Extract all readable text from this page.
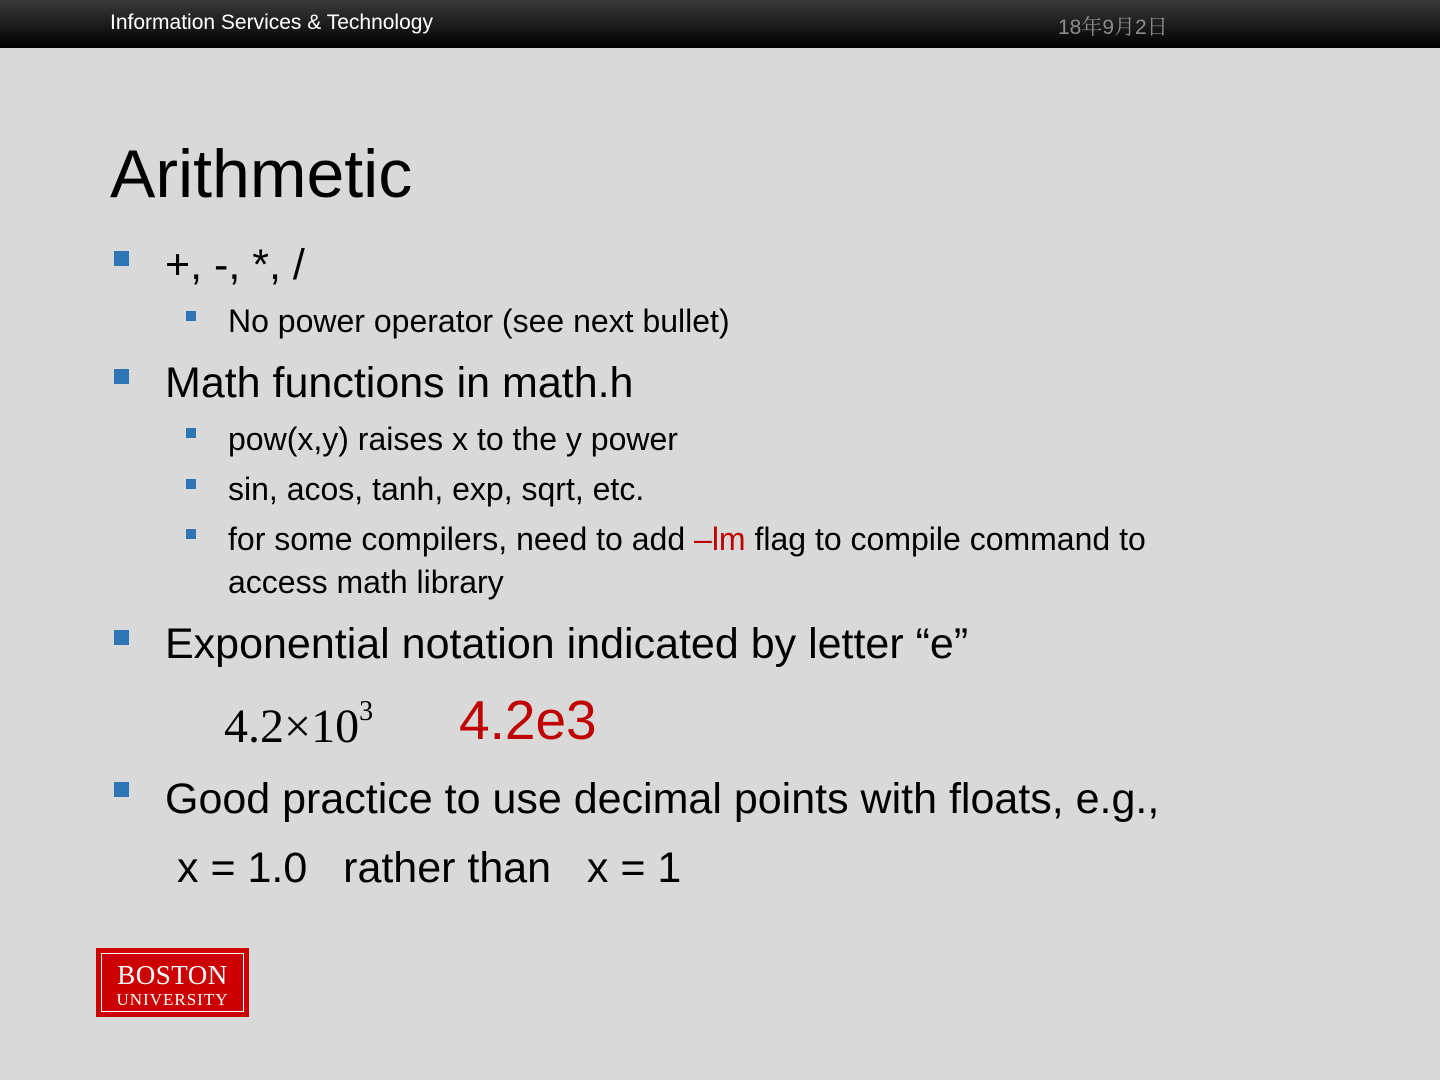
Information Services & Technology	18年9月2日
Arithmetic
+, -, *, /
No power operator (see next bullet)
Math functions in math.h
pow(x,y) raises x to the y power
sin, acos, tanh, exp, sqrt, etc.
for some compilers, need to add –lm flag to compile command to
access math library
Exponential notation indicated by letter “e”
$4.2\times 10^3$ 4.2e3
Good practice to use decimal points with floats, e.g.,
x = 1.0   rather than   x = 1
BOSTON
UNIVERSITY
